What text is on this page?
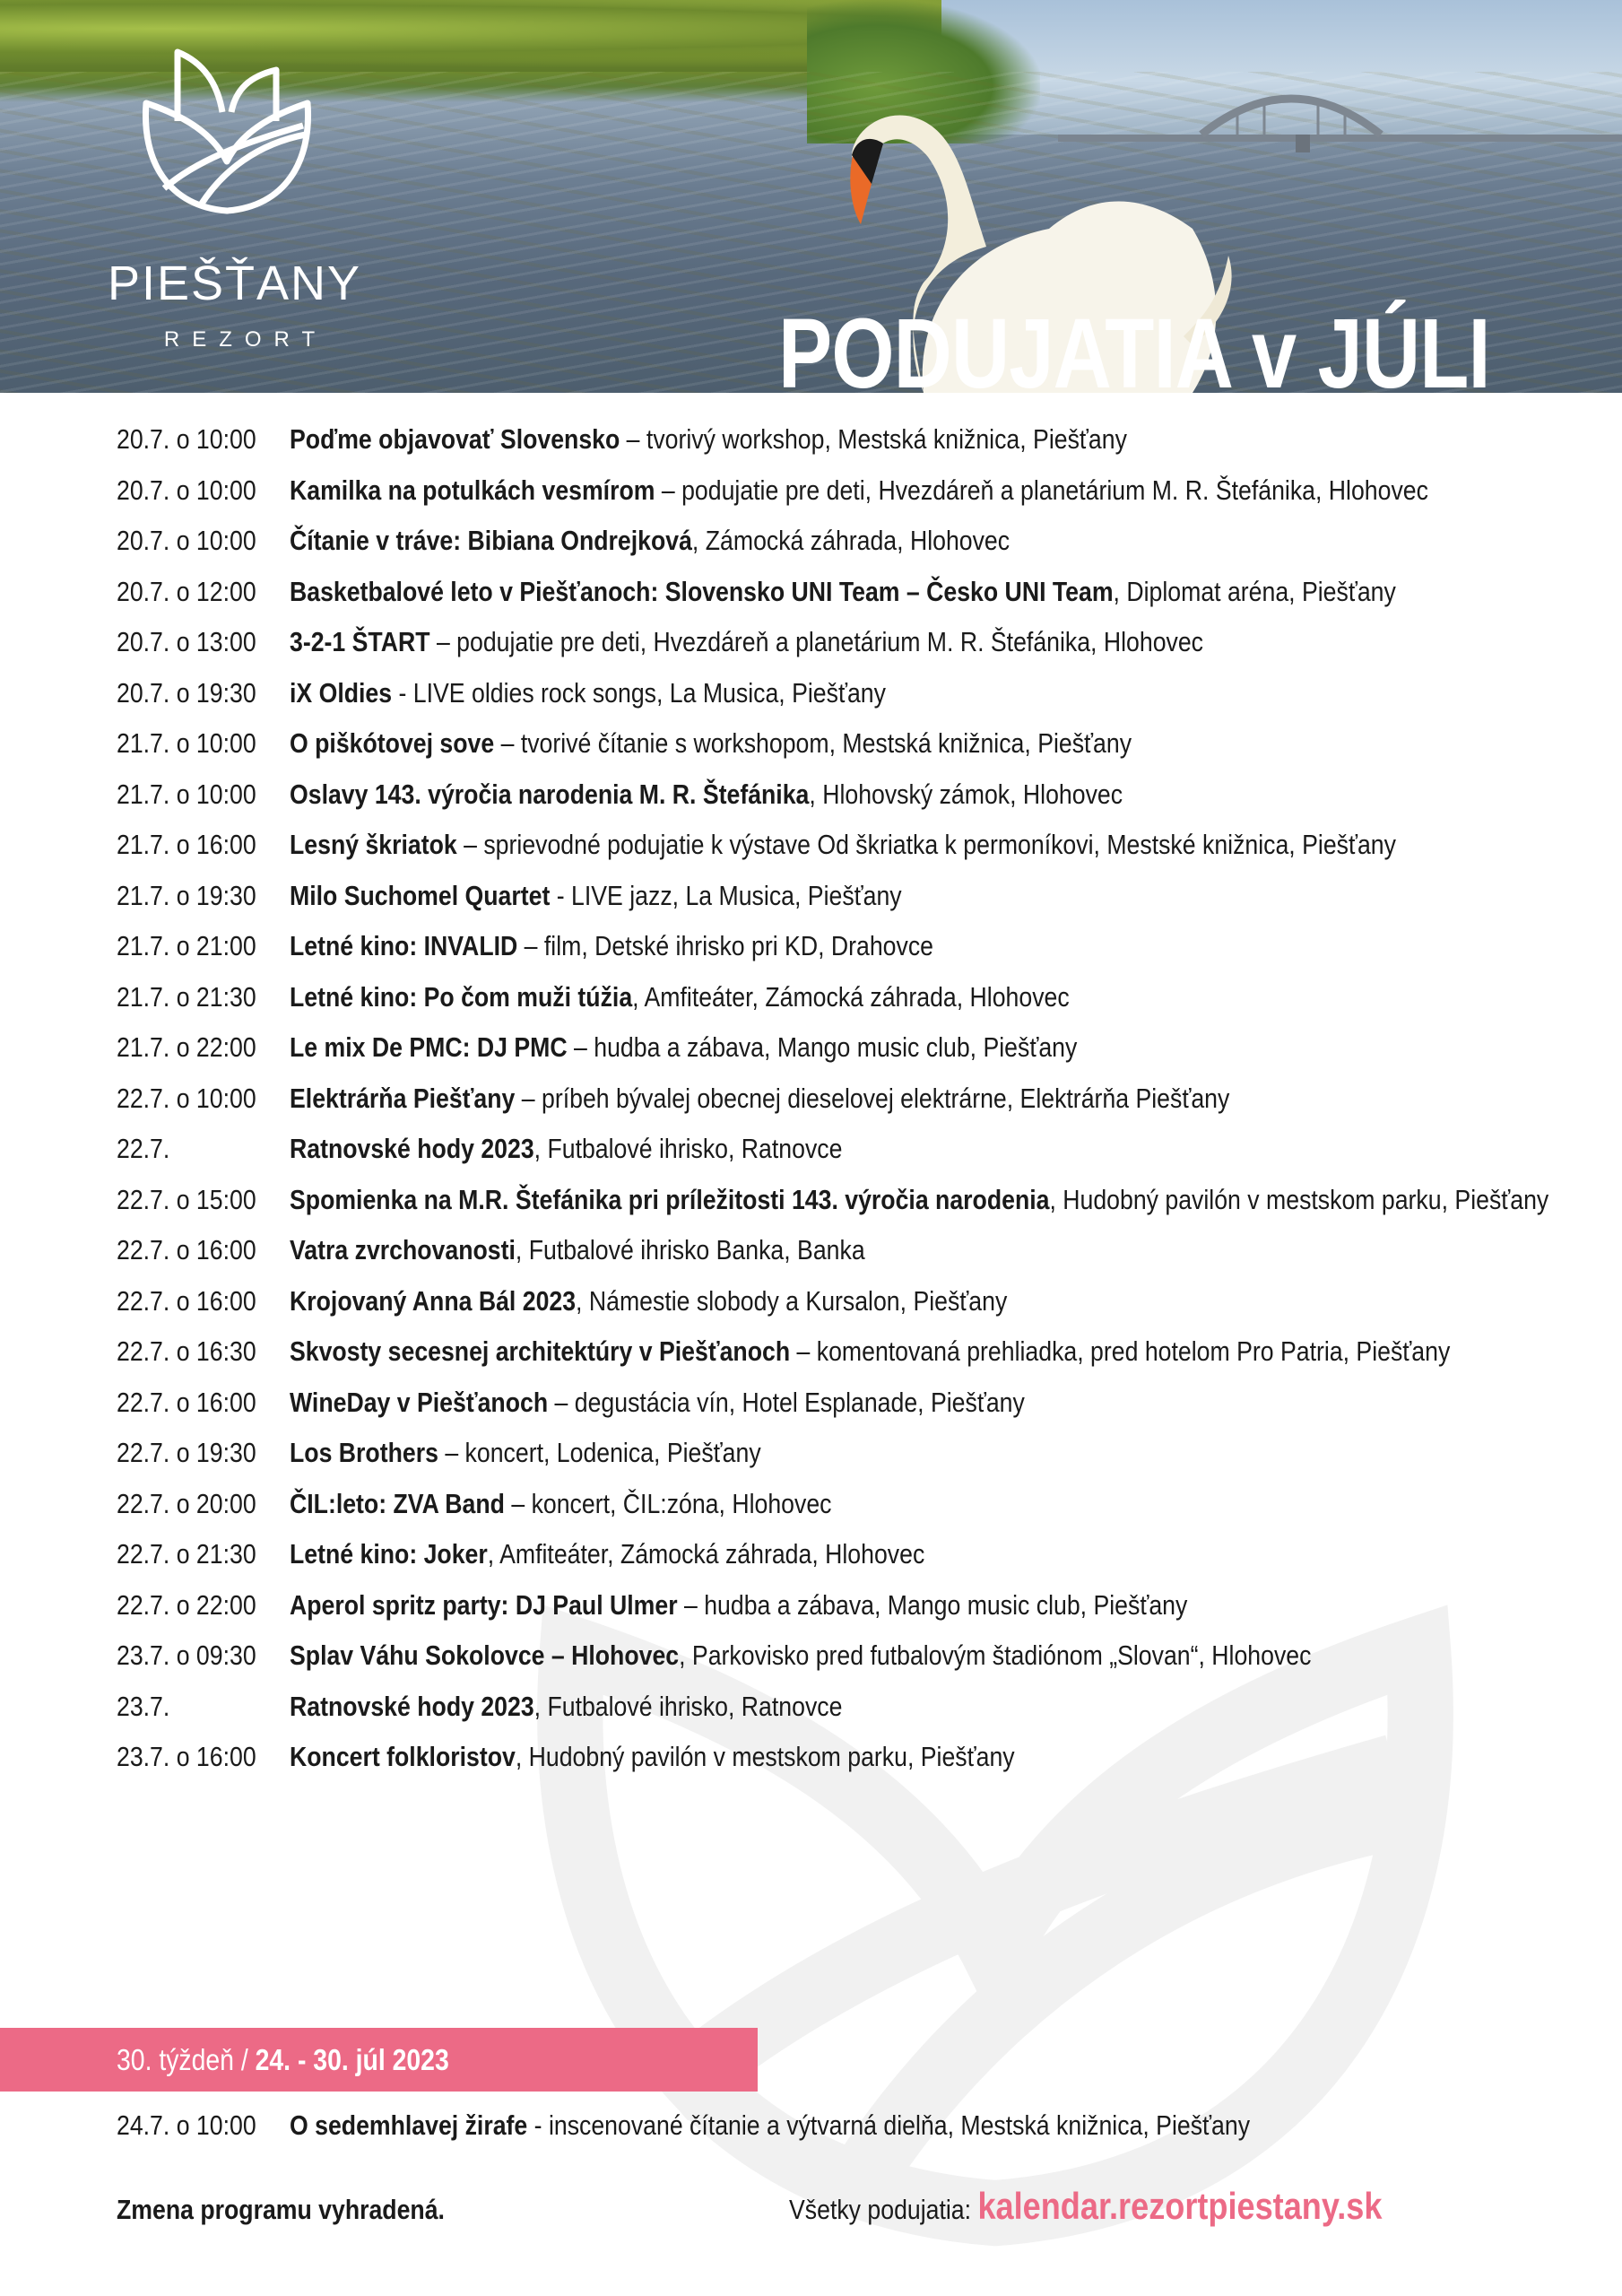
PIEŠŤANY
REZORT	PODUJATIA v JÚLI
20.7. o 10:00	Poďme objavovať Slovensko – tvorivý workshop, Mestská knižnica, Piešťany
20.7. o 10:00	Kamilka na potulkách vesmírom – podujatie pre deti, Hvezdáreň a planetárium M. R. Štefánika, Hlohovec
20.7. o 10:00	Čítanie v tráve: Bibiana Ondrejková, Zámocká záhrada, Hlohovec
20.7. o 12:00	Basketbalové leto v Piešťanoch: Slovensko UNI Team – Česko UNI Team, Diplomat aréna, Piešťany
20.7. o 13:00	3-2-1 ŠTART – podujatie pre deti, Hvezdáreň a planetárium M. R. Štefánika, Hlohovec
20.7. o 19:30	iX Oldies - LIVE oldies rock songs, La Musica, Piešťany
21.7. o 10:00	O piškótovej sove – tvorivé čítanie s workshopom, Mestská knižnica, Piešťany
21.7. o 10:00	Oslavy 143. výročia narodenia M. R. Štefánika, Hlohovský zámok, Hlohovec
21.7. o 16:00	Lesný škriatok – sprievodné podujatie k výstave Od škriatka k permoníkovi, Mestské knižnica, Piešťany
21.7. o 19:30	Milo Suchomel Quartet - LIVE jazz, La Musica, Piešťany
21.7. o 21:00	Letné kino: INVALID – film, Detské ihrisko pri KD, Drahovce
21.7. o 21:30	Letné kino: Po čom muži túžia, Amfiteáter, Zámocká záhrada, Hlohovec
21.7. o 22:00	Le mix De PMC: DJ PMC – hudba a zábava, Mango music club, Piešťany
22.7. o 10:00	Elektrárňa Piešťany – príbeh bývalej obecnej dieselovej elektrárne, Elektrárňa Piešťany
22.7.	Ratnovské hody 2023, Futbalové ihrisko, Ratnovce
22.7. o 15:00	Spomienka na M.R. Štefánika pri príležitosti 143. výročia narodenia, Hudobný pavilón v mestskom parku, Piešťany
22.7. o 16:00	Vatra zvrchovanosti, Futbalové ihrisko Banka, Banka
22.7. o 16:00	Krojovaný Anna Bál 2023, Námestie slobody a Kursalon, Piešťany
22.7. o 16:30	Skvosty secesnej architektúry v Piešťanoch – komentovaná prehliadka, pred hotelom Pro Patria, Piešťany
22.7. o 16:00	WineDay v Piešťanoch – degustácia vín, Hotel Esplanade, Piešťany
22.7. o 19:30	Los Brothers – koncert, Lodenica, Piešťany
22.7. o 20:00	ČIL:leto: ZVA Band – koncert, ČIL:zóna, Hlohovec
22.7. o 21:30	Letné kino: Joker, Amfiteáter, Zámocká záhrada, Hlohovec
22.7. o 22:00	Aperol spritz party: DJ Paul Ulmer – hudba a zábava, Mango music club, Piešťany
23.7. o 09:30	Splav Váhu Sokolovce – Hlohovec, Parkovisko pred futbalovým štadiónom „Slovan“, Hlohovec
23.7.	Ratnovské hody 2023, Futbalové ihrisko, Ratnovce
23.7. o 16:00	Koncert folkloristov, Hudobný pavilón v mestskom parku, Piešťany
30. týždeň / 24. - 30. júl 2023
24.7. o 10:00	O sedemhlavej žirafe - inscenované čítanie a výtvarná dielňa, Mestská knižnica, Piešťany
Zmena programu vyhradená.	Všetky podujatia: kalendar.rezortpiestany.sk
